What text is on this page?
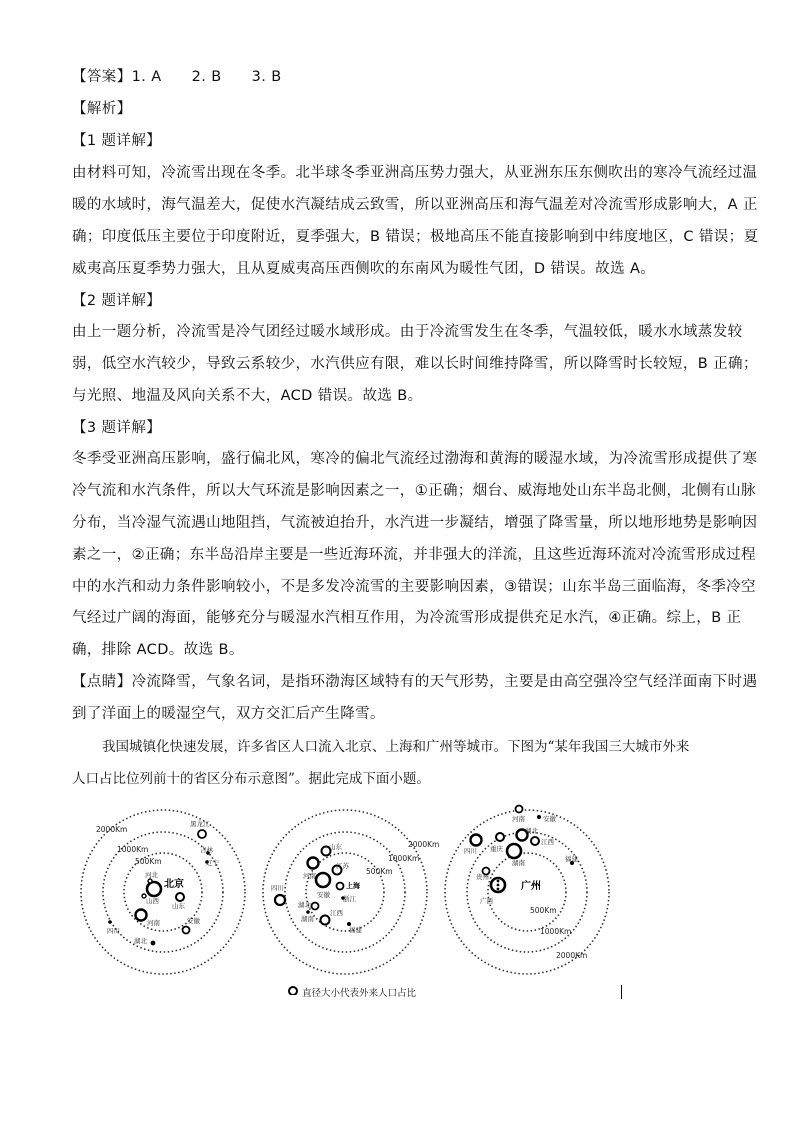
【答案】1. A 2. B 3. B
【解析】
【1 题详解】
由材料可知，冷流雪出现在冬季。北半球冬季亚洲高压势力强大，从亚洲东压东侧吹出的寒冷气流经过温
暖的水域时，海气温差大，促使水汽凝结成云致雪，所以亚洲高压和海气温差对冷流雪形成影响大，A 正
确；印度低压主要位于印度附近，夏季强大，B 错误；极地高压不能直接影响到中纬度地区，C 错误；夏
威夷高压夏季势力强大，且从夏威夷高压西侧吹的东南风为暖性气团，D 错误。故选 A。
【2 题详解】
由上一题分析，冷流雪是冷气团经过暖水域形成。由于冷流雪发生在冬季，气温较低，暖水水域蒸发较
弱，低空水汽较少，导致云系较少，水汽供应有限，难以长时间维持降雪，所以降雪时长较短，B 正确；
与光照、地温及风向关系不大，ACD 错误。故选 B。
【3 题详解】
冬季受亚洲高压影响，盛行偏北风，寒冷的偏北气流经过渤海和黄海的暖湿水域，为冷流雪形成提供了寒
冷气流和水汽条件，所以大气环流是影响因素之一，①正确；烟台、威海地处山东半岛北侧，北侧有山脉
分布，当冷湿气流遇山地阻挡，气流被迫抬升，水汽进一步凝结，增强了降雪量，所以地形地势是影响因
素之一，②正确；东半岛沿岸主要是一些近海环流，并非强大的洋流，且这些近海环流对冷流雪形成过程
中的水汽和动力条件影响较小，不是多发冷流雪的主要影响因素，③错误；山东半岛三面临海，冬季冷空
气经过广阔的海面，能够充分与暖湿水汽相互作用，为冷流雪形成提供充足水汽，④正确。综上，B 正
确，排除 ACD。故选 B。
【点睛】冷流降雪，气象名词，是指环渤海区域特有的天气形势，主要是由高空强冷空气经洋面南下时遇
到了洋面上的暖湿空气，双方交汇后产生降雪。
我国城镇化快速发展，许多省区人口流入北京、上海和广州等城市。下图为“某年我国三大城市外来
人口占比位列前十的省区分布示意图”。据此完成下面小题。
2000Km
1000Km
500Km
2000Km
1000Km
500Km
500Km
1000Km
2000Km
北京
黑龙江
吉林
辽宁
河北
山西
山东
河南	安徽
四川
湖北
上海
山东
河南
江苏
安徽 浙江
四川
湖北
江西
湖南
福建
广州
河南	安徽
四川 重庆
湖北
江西
湖南	福建
广西
贵州
直径大小代表外来人口占比
